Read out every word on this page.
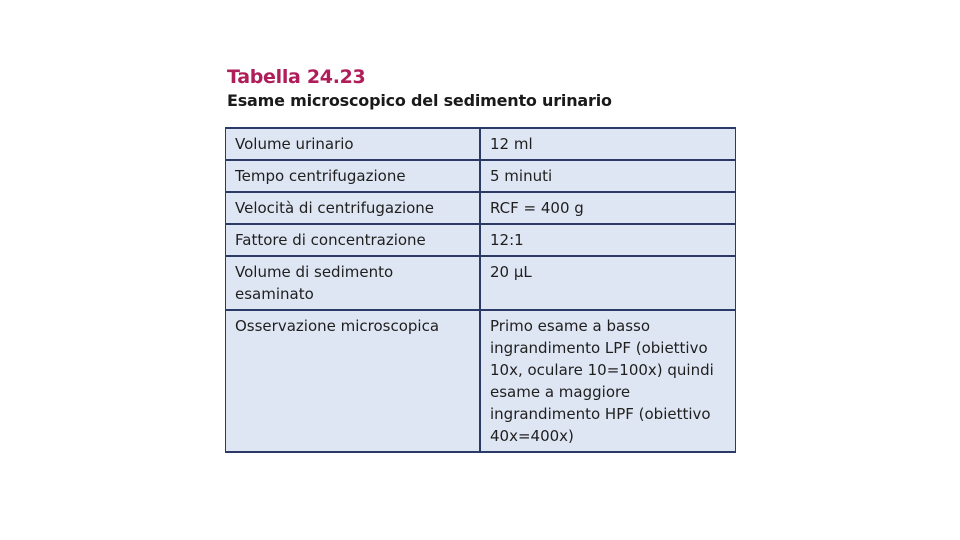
Tabella 24.23
Esame microscopico del sedimento urinario
Volume urinario	12 ml
Tempo centrifugazione	5 minuti
Velocità di centrifugazione	RCF = 400 g
Fattore di concentrazione	12:1
Volume di sedimento esaminato	20 µL
Osservazione microscopica	Primo esame a basso ingrandimento LPF (obiettivo 10x, oculare 10=100x) quindi esame a maggiore ingrandimento HPF (obiettivo 40x=400x)
